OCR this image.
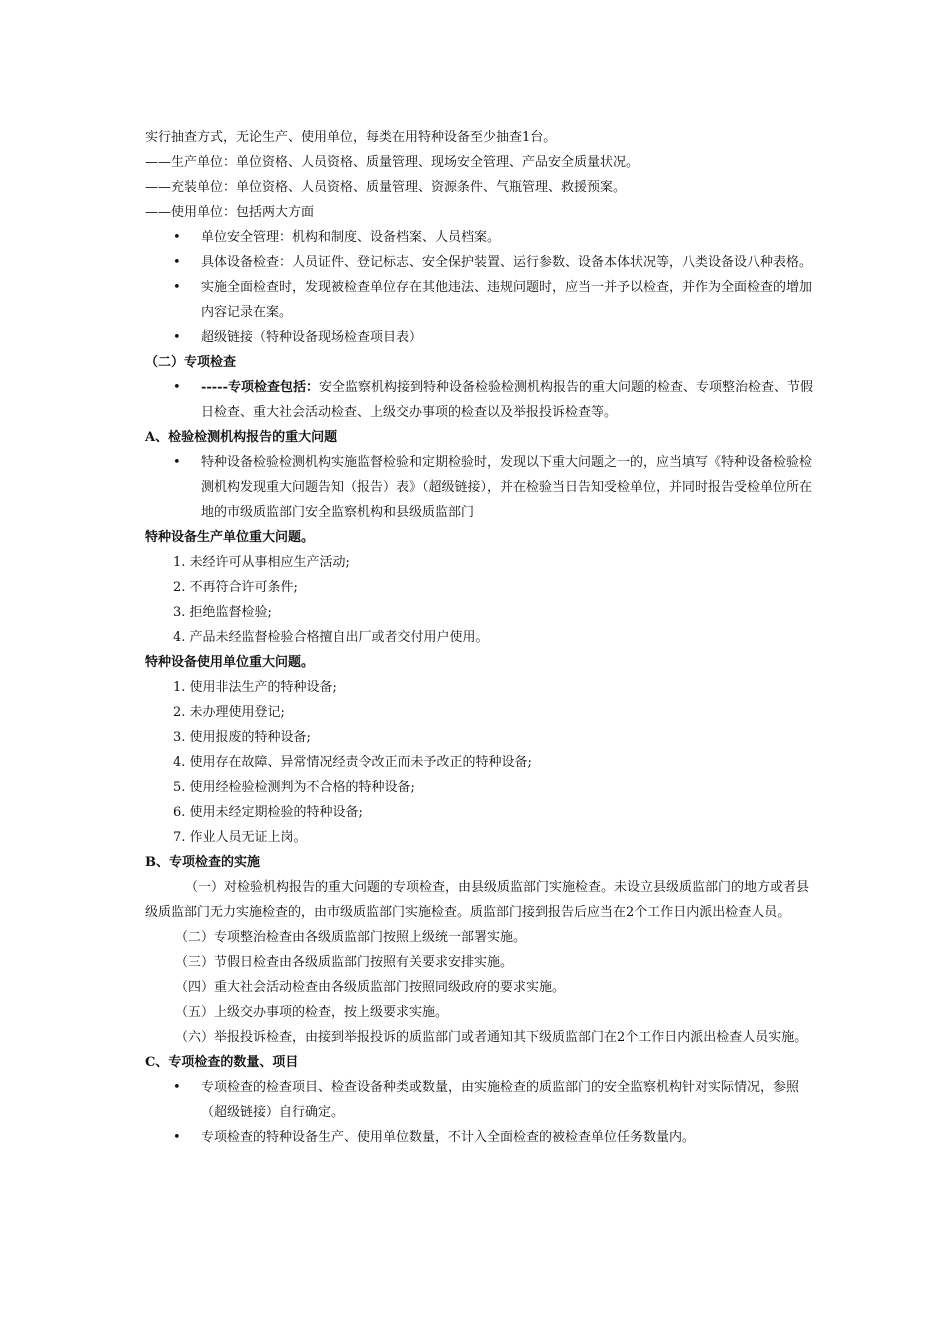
实行抽查方式，无论生产、使用单位，每类在用特种设备至少抽查1台。
——生产单位：单位资格、人员资格、质量管理、现场安全管理、产品安全质量状况。
——充装单位：单位资格、人员资格、质量管理、资源条件、气瓶管理、救援预案。
——使用单位：包括两大方面
• 单位安全管理：机构和制度、设备档案、人员档案。
• 具体设备检查：人员证件、登记标志、安全保护装置、运行参数、设备本体状况等，八类设备设八种表格。
• 实施全面检查时，发现被检查单位存在其他违法、违规问题时，应当一并予以检查，并作为全面检查的增加内容记录在案。
• 超级链接（特种设备现场检查项目表）
（二）专项检查
• -----专项检查包括：安全监察机构接到特种设备检验检测机构报告的重大问题的检查、专项整治检查、节假日检查、重大社会活动检查、上级交办事项的检查以及举报投诉检查等。
A、检验检测机构报告的重大问题
• 特种设备检验检测机构实施监督检验和定期检验时，发现以下重大问题之一的，应当填写《特种设备检验检测机构发现重大问题告知（报告）表》（超级链接），并在检验当日告知受检单位，并同时报告受检单位所在地的市级质监部门安全监察机构和县级质监部门
特种设备生产单位重大问题。
1. 未经许可从事相应生产活动;
2. 不再符合许可条件;
3. 拒绝监督检验;
4. 产品未经监督检验合格擅自出厂或者交付用户使用。
特种设备使用单位重大问题。
1. 使用非法生产的特种设备;
2. 未办理使用登记;
3. 使用报废的特种设备;
4. 使用存在故障、异常情况经责令改正而未予改正的特种设备;
5. 使用经检验检测判为不合格的特种设备;
6. 使用未经定期检验的特种设备;
7. 作业人员无证上岗。
B、专项检查的实施

（一）对检验机构报告的重大问题的专项检查，由县级质监部门实施检查。未设立县级质监部门的地方或者县级质监部门无力实施检查的，由市级质监部门实施检查。质监部门接到报告后应当在2个工作日内派出检查人员。

（二）专项整治检查由各级质监部门按照上级统一部署实施。
（三）节假日检查由各级质监部门按照有关要求安排实施。
（四）重大社会活动检查由各级质监部门按照同级政府的要求实施。
（五）上级交办事项的检查，按上级要求实施。

（六）举报投诉检查，由接到举报投诉的质监部门或者通知其下级质监部门在2个工作日内派出检查人员实施。

C、专项检查的数量、项目
• 专项检查的检查项目、检查设备种类或数量，由实施检查的质监部门的安全监察机构针对实际情况，参照（超级链接）自行确定。
• 专项检查的特种设备生产、使用单位数量，不计入全面检查的被检查单位任务数量内。
